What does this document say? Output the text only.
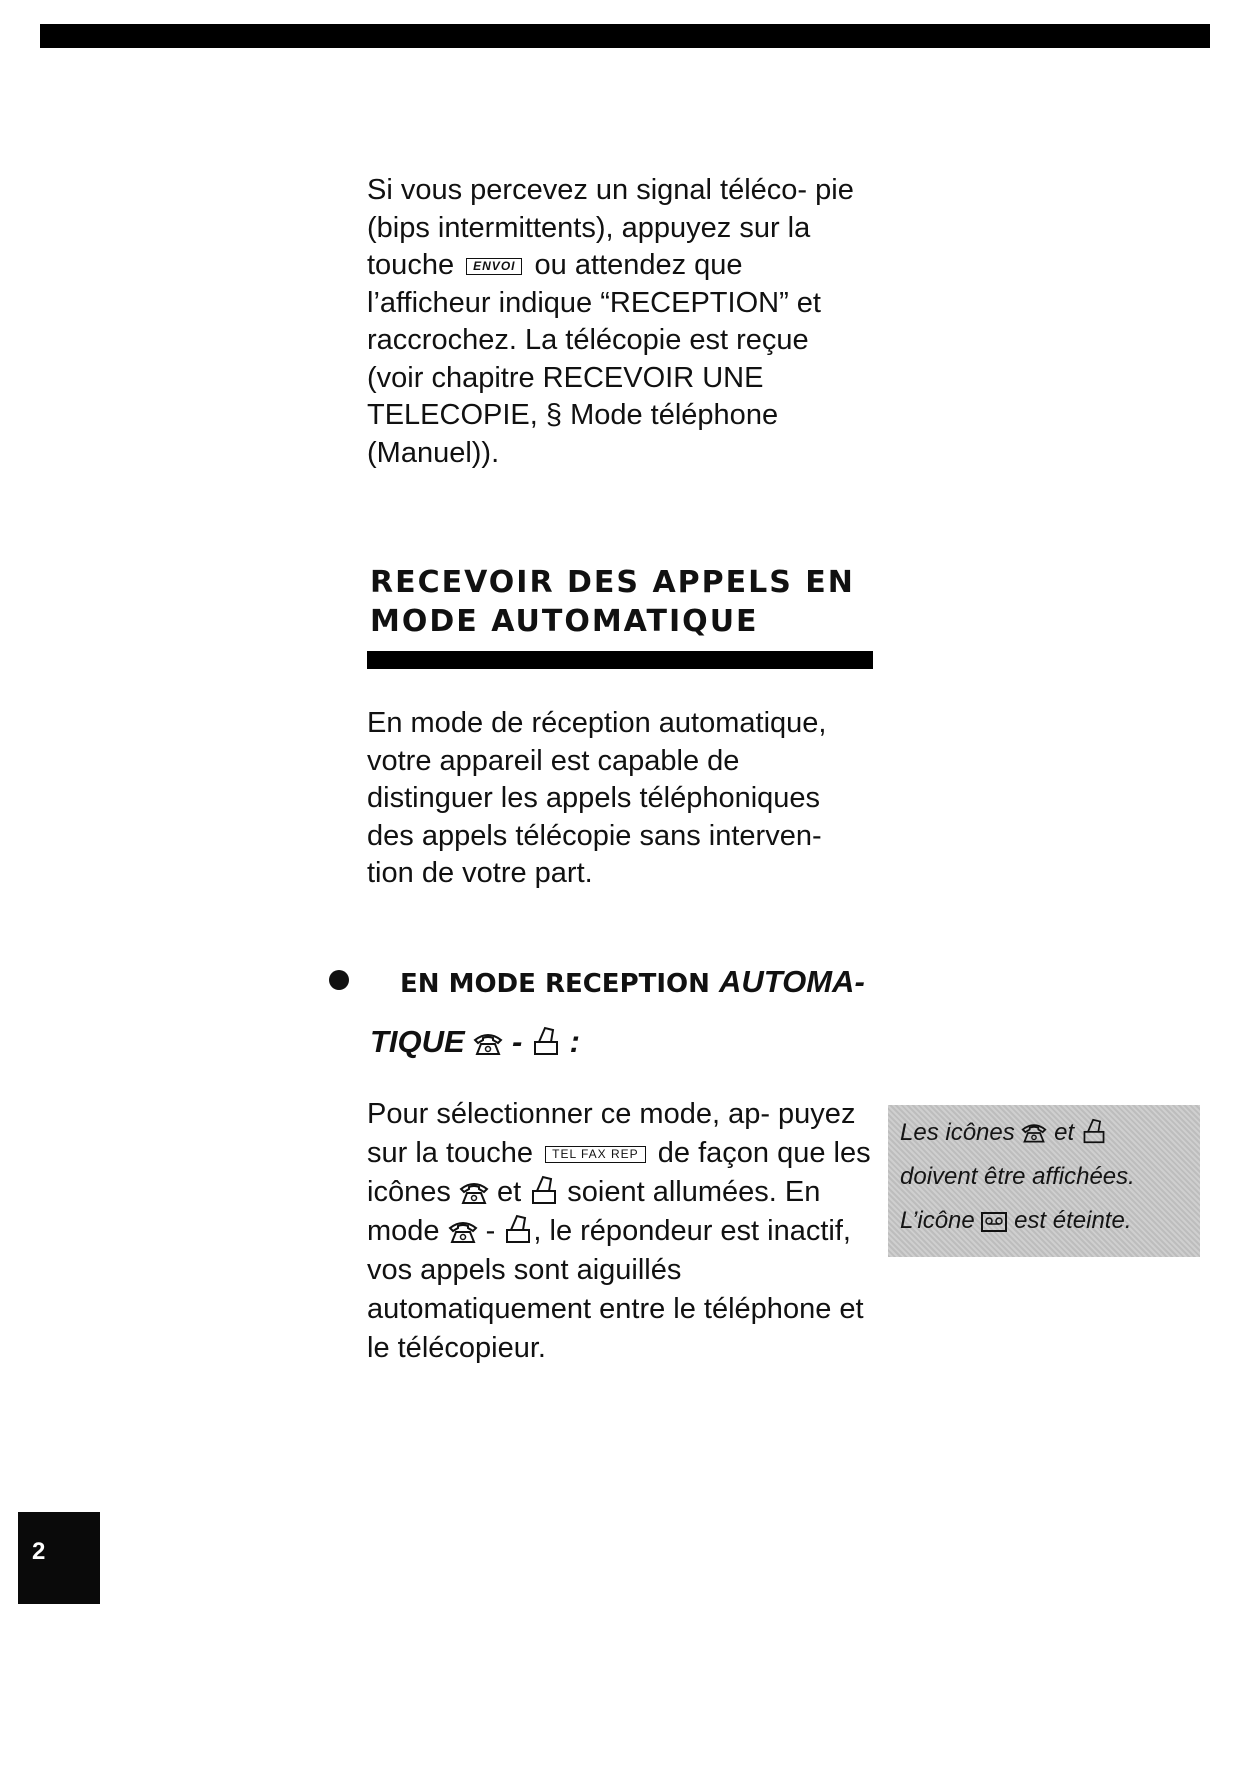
Si vous percevez un signal téléco- pie (bips intermittents), appuyez sur la touche ENVOI ou attendez que l’afficheur indique “RECEPTION” et raccrochez. La télécopie est reçue (voir chapitre RECEVOIR UNE TELECOPIE, § Mode téléphone (Manuel)).

RECEVOIR DES APPELS EN
MODE AUTOMATIQUE

En mode de réception automatique, votre appareil est capable de distinguer les appels téléphoniques des appels télécopie sans interven- tion de votre part.

EN MODE RECEPTION AUTOMA-
TIQUE - :

Pour sélectionner ce mode, ap- puyez sur la touche TEL FAX REP de façon que les icônes et soient allumées. En mode - , le répondeur est inactif, vos appels sont aiguillés automatiquement entre le téléphone et le télécopieur.

Les icônes et
doivent être affichées.
L’icône est éteinte.
2
